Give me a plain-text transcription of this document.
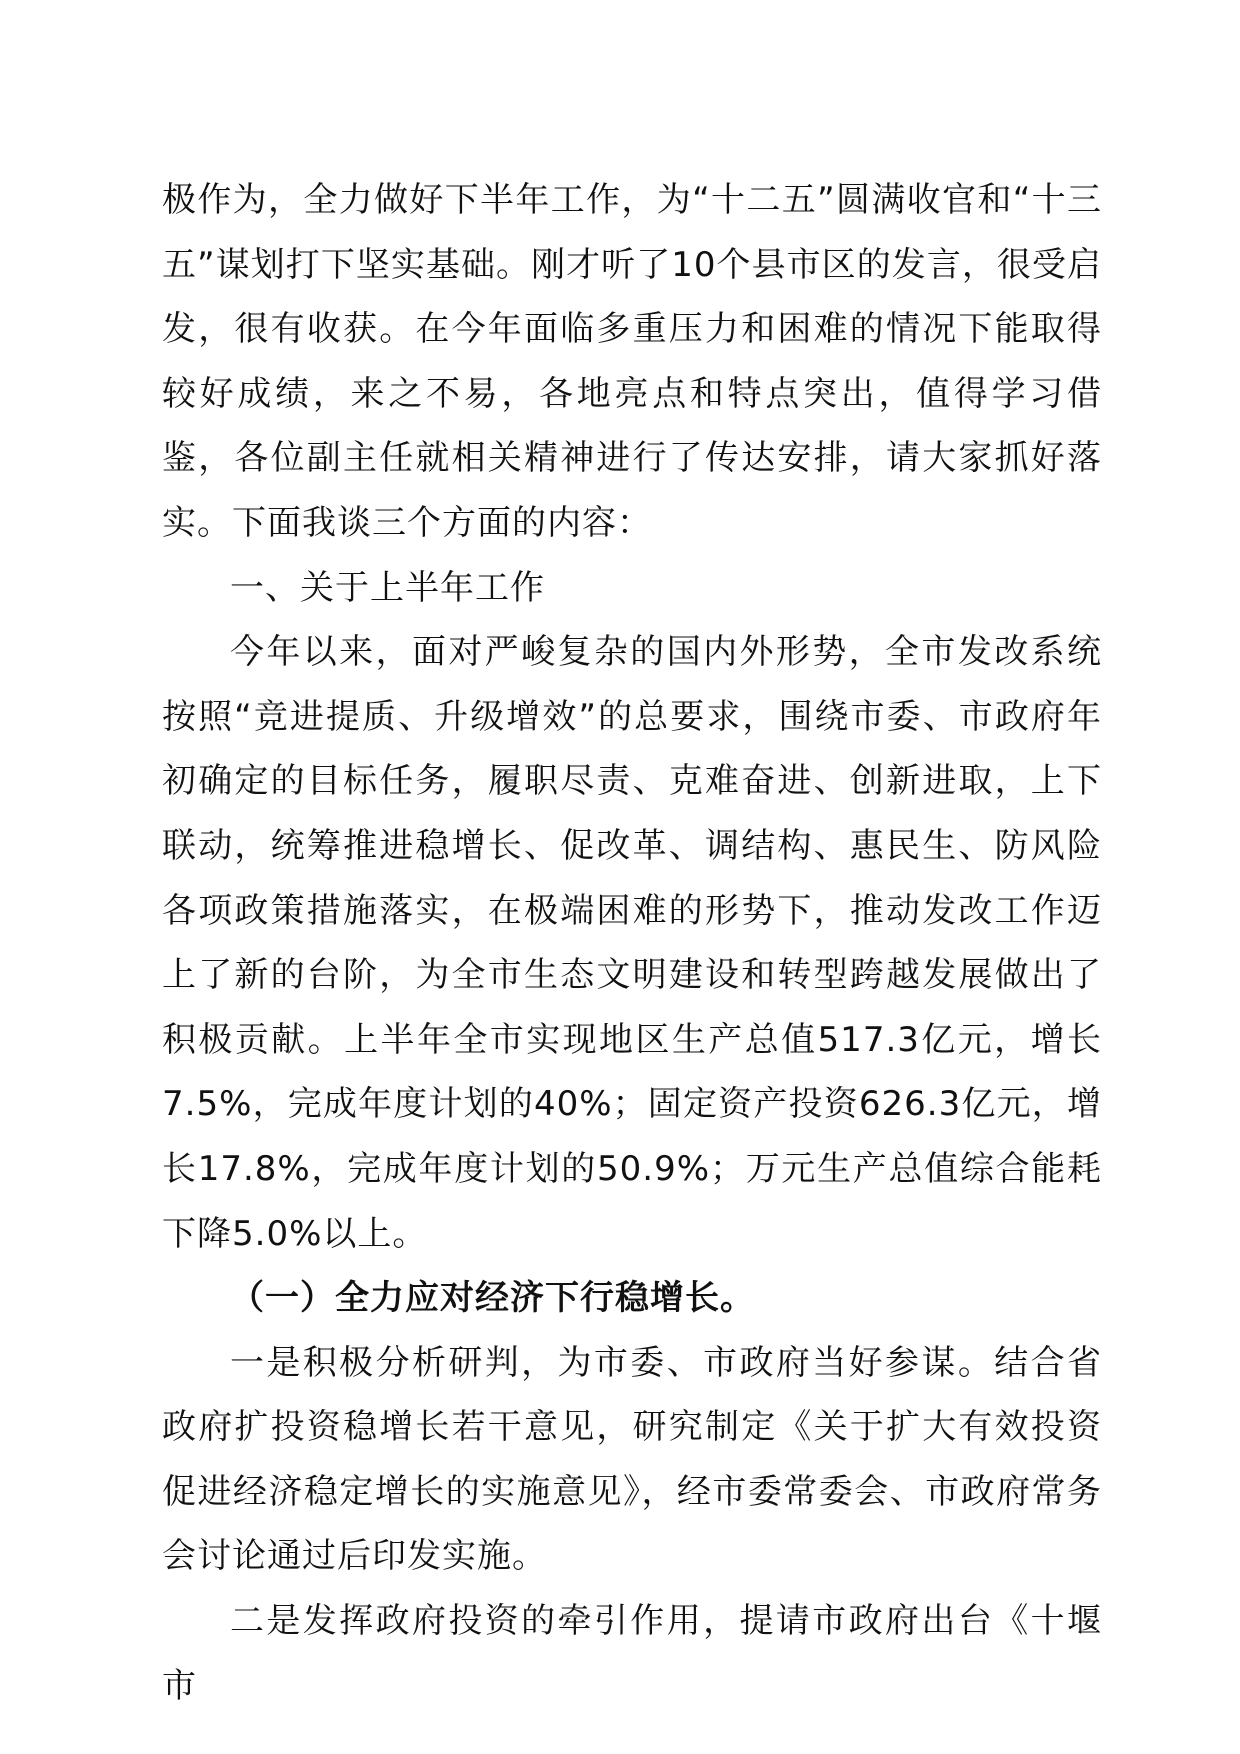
极作为，全力做好下半年工作，为“十二五”圆满收官和“十三五”谋划打下坚实基础。刚才听了10个县市区的发言，很受启发，很有收获。在今年面临多重压力和困难的情况下能取得较好成绩，来之不易，各地亮点和特点突出，值得学习借鉴，各位副主任就相关精神进行了传达安排，请大家抓好落实。下面我谈三个方面的内容：

一、关于上半年工作

今年以来，面对严峻复杂的国内外形势，全市发改系统按照“竞进提质、升级增效”的总要求，围绕市委、市政府年初确定的目标任务，履职尽责、克难奋进、创新进取，上下联动，统筹推进稳增长、促改革、调结构、惠民生、防风险各项政策措施落实，在极端困难的形势下，推动发改工作迈上了新的台阶，为全市生态文明建设和转型跨越发展做出了积极贡献。上半年全市实现地区生产总值517.3亿元，增长7.5%，完成年度计划的40%；固定资产投资626.3亿元，增长17.8%，完成年度计划的50.9%；万元生产总值综合能耗下降5.0%以上。

（一）全力应对经济下行稳增长。

一是积极分析研判，为市委、市政府当好参谋。结合省政府扩投资稳增长若干意见，研究制定《关于扩大有效投资促进经济稳定增长的实施意见》，经市委常委会、市政府常务会讨论通过后印发实施。

二是发挥政府投资的牵引作用，提请市政府出台《十堰市
